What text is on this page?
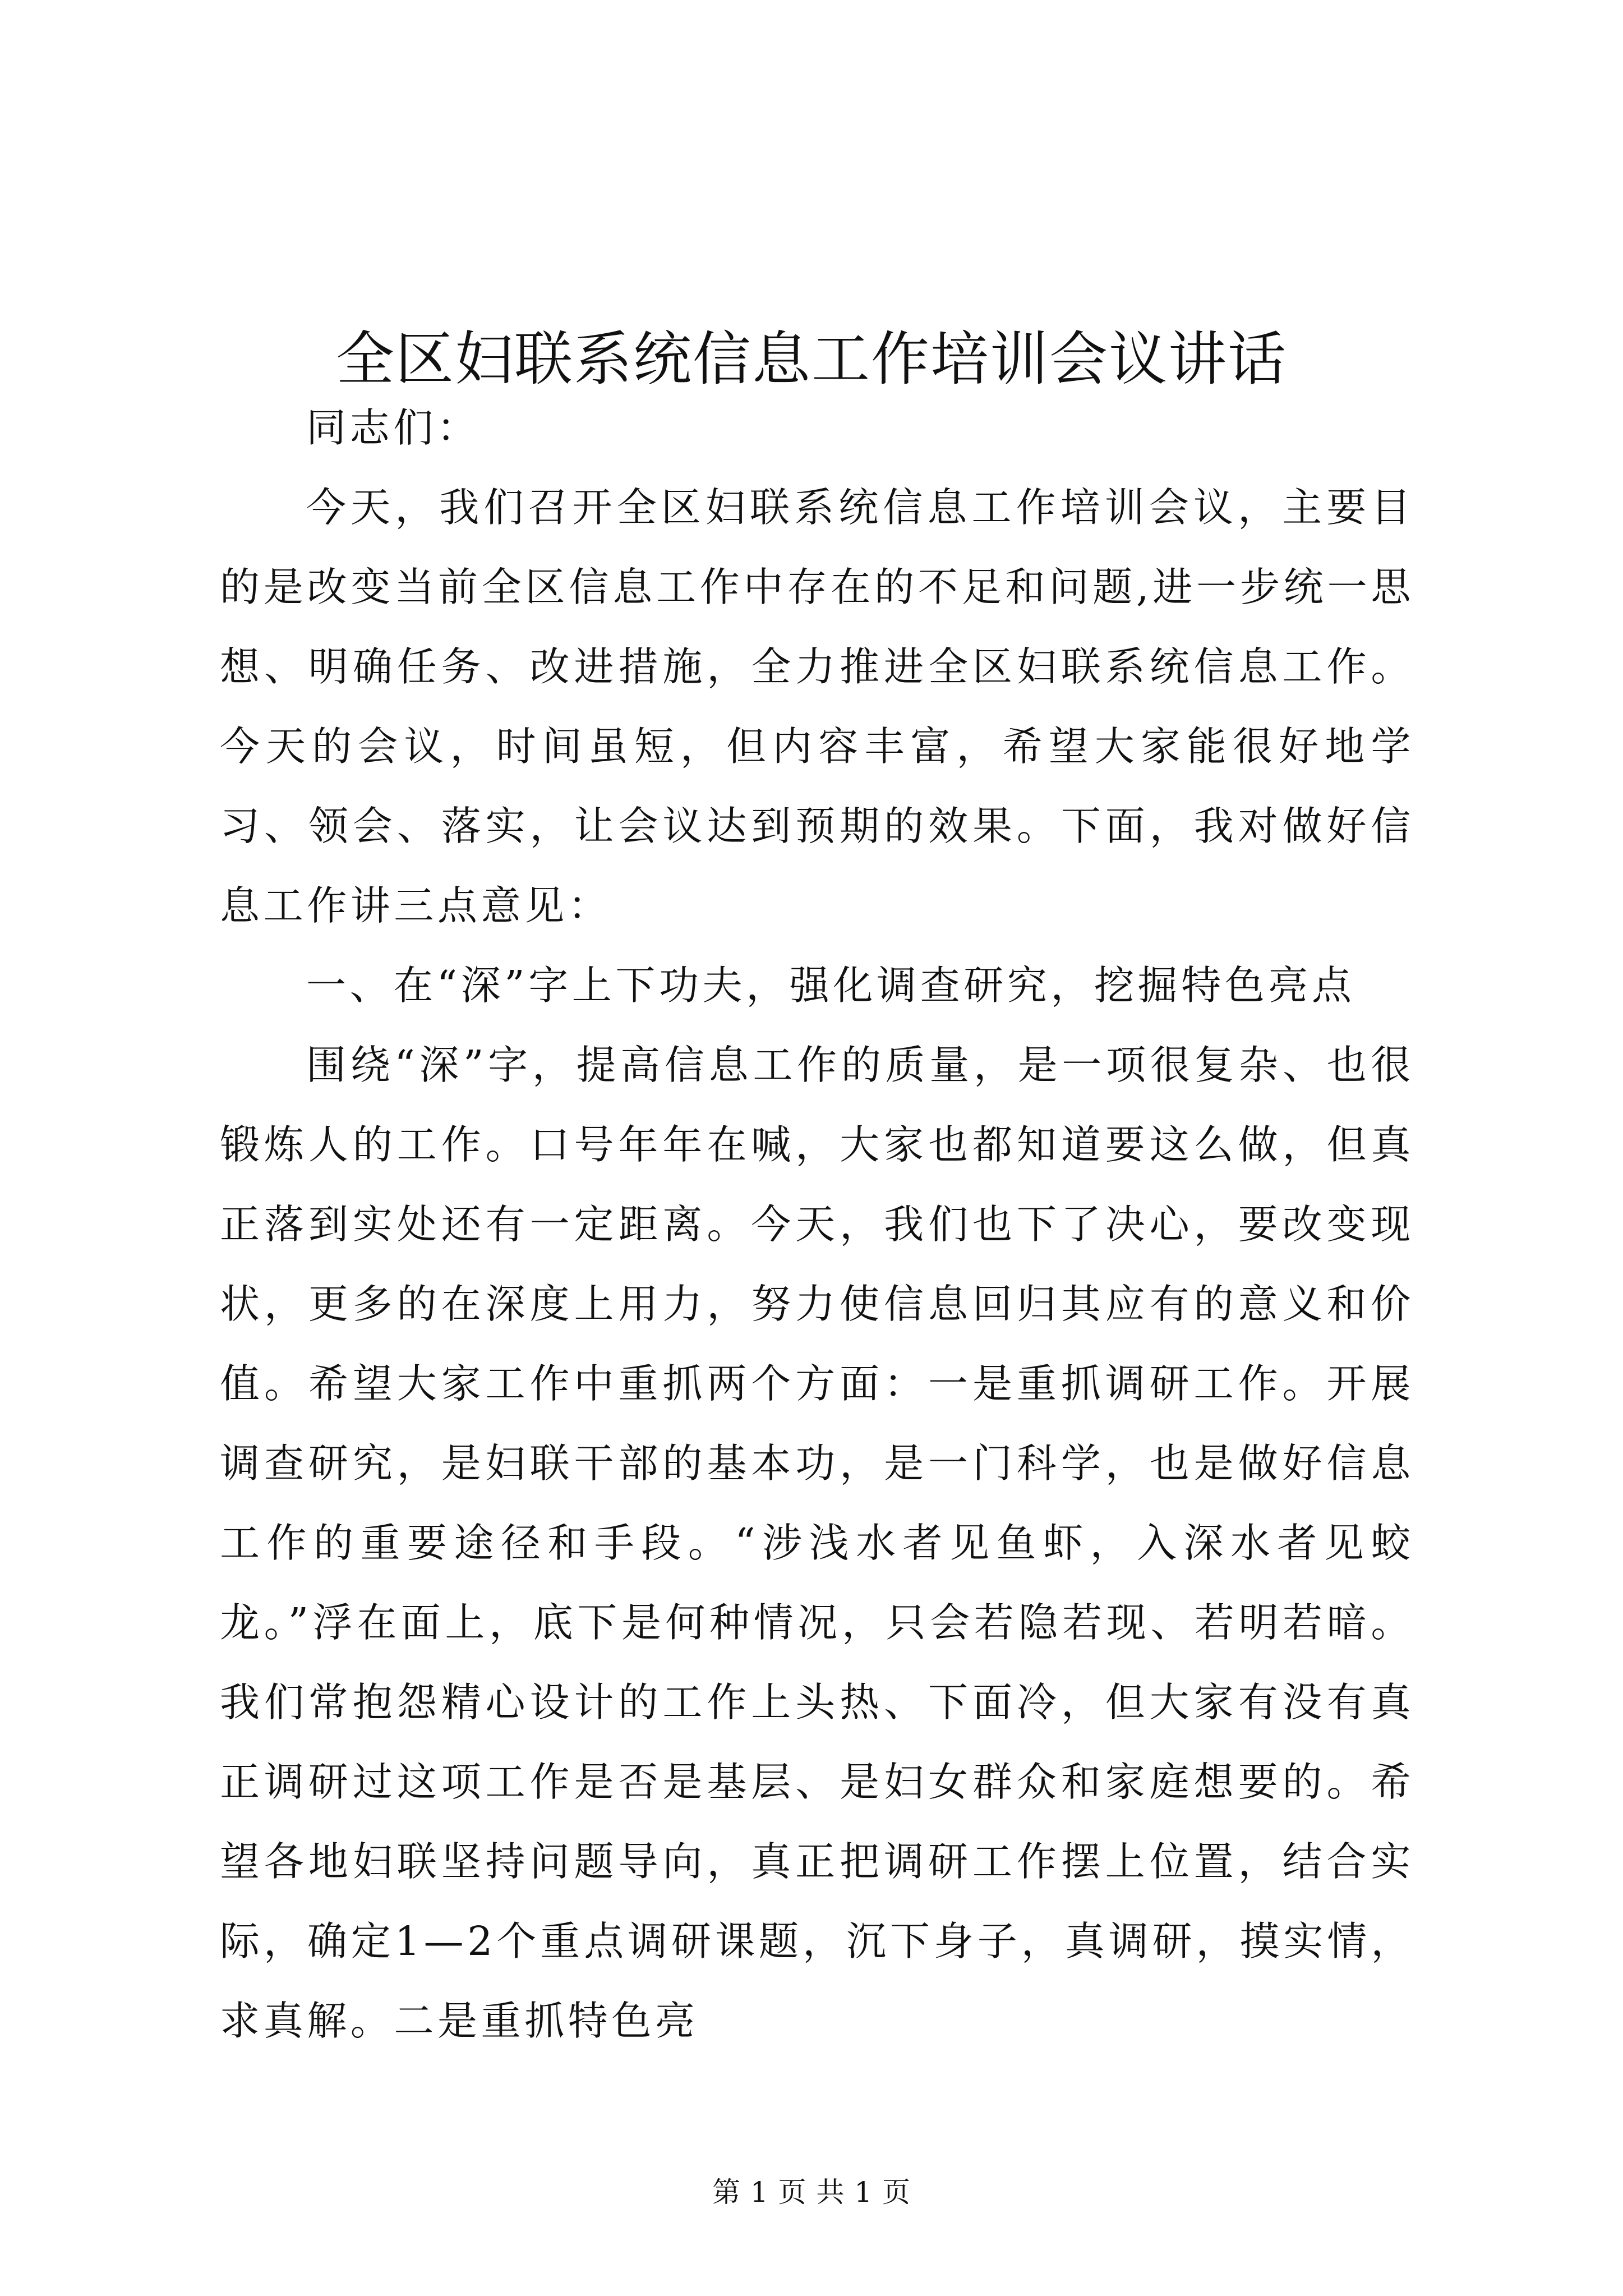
全区妇联系统信息工作培训会议讲话

同志们：

今天，我们召开全区妇联系统信息工作培训会议，主要目的是改变当前全区信息工作中存在的不足和问题,进一步统一思想、明确任务、改进措施，全力推进全区妇联系统信息工作。今天的会议，时间虽短，但内容丰富，希望大家能很好地学习、领会、落实，让会议达到预期的效果。下面，我对做好信息工作讲三点意见：

一、在“深”字上下功夫，强化调查研究，挖掘特色亮点

围绕“深”字，提高信息工作的质量，是一项很复杂、也很锻炼人的工作。口号年年在喊，大家也都知道要这么做，但真正落到实处还有一定距离。今天，我们也下了决心，要改变现状，更多的在深度上用力，努力使信息回归其应有的意义和价值。希望大家工作中重抓两个方面：一是重抓调研工作。开展调查研究，是妇联干部的基本功，是一门科学，也是做好信息工作的重要途径和手段。“涉浅水者见鱼虾，入深水者见蛟龙。”浮在面上，底下是何种情况，只会若隐若现、若明若暗。我们常抱怨精心设计的工作上头热、下面冷，但大家有没有真正调研过这项工作是否是基层、是妇女群众和家庭想要的。希望各地妇联坚持问题导向，真正把调研工作摆上位置，结合实际，确定1—2个重点调研课题，沉下身子，真调研，摸实情，求真解。二是重抓特色亮

第 1 页 共 1 页
